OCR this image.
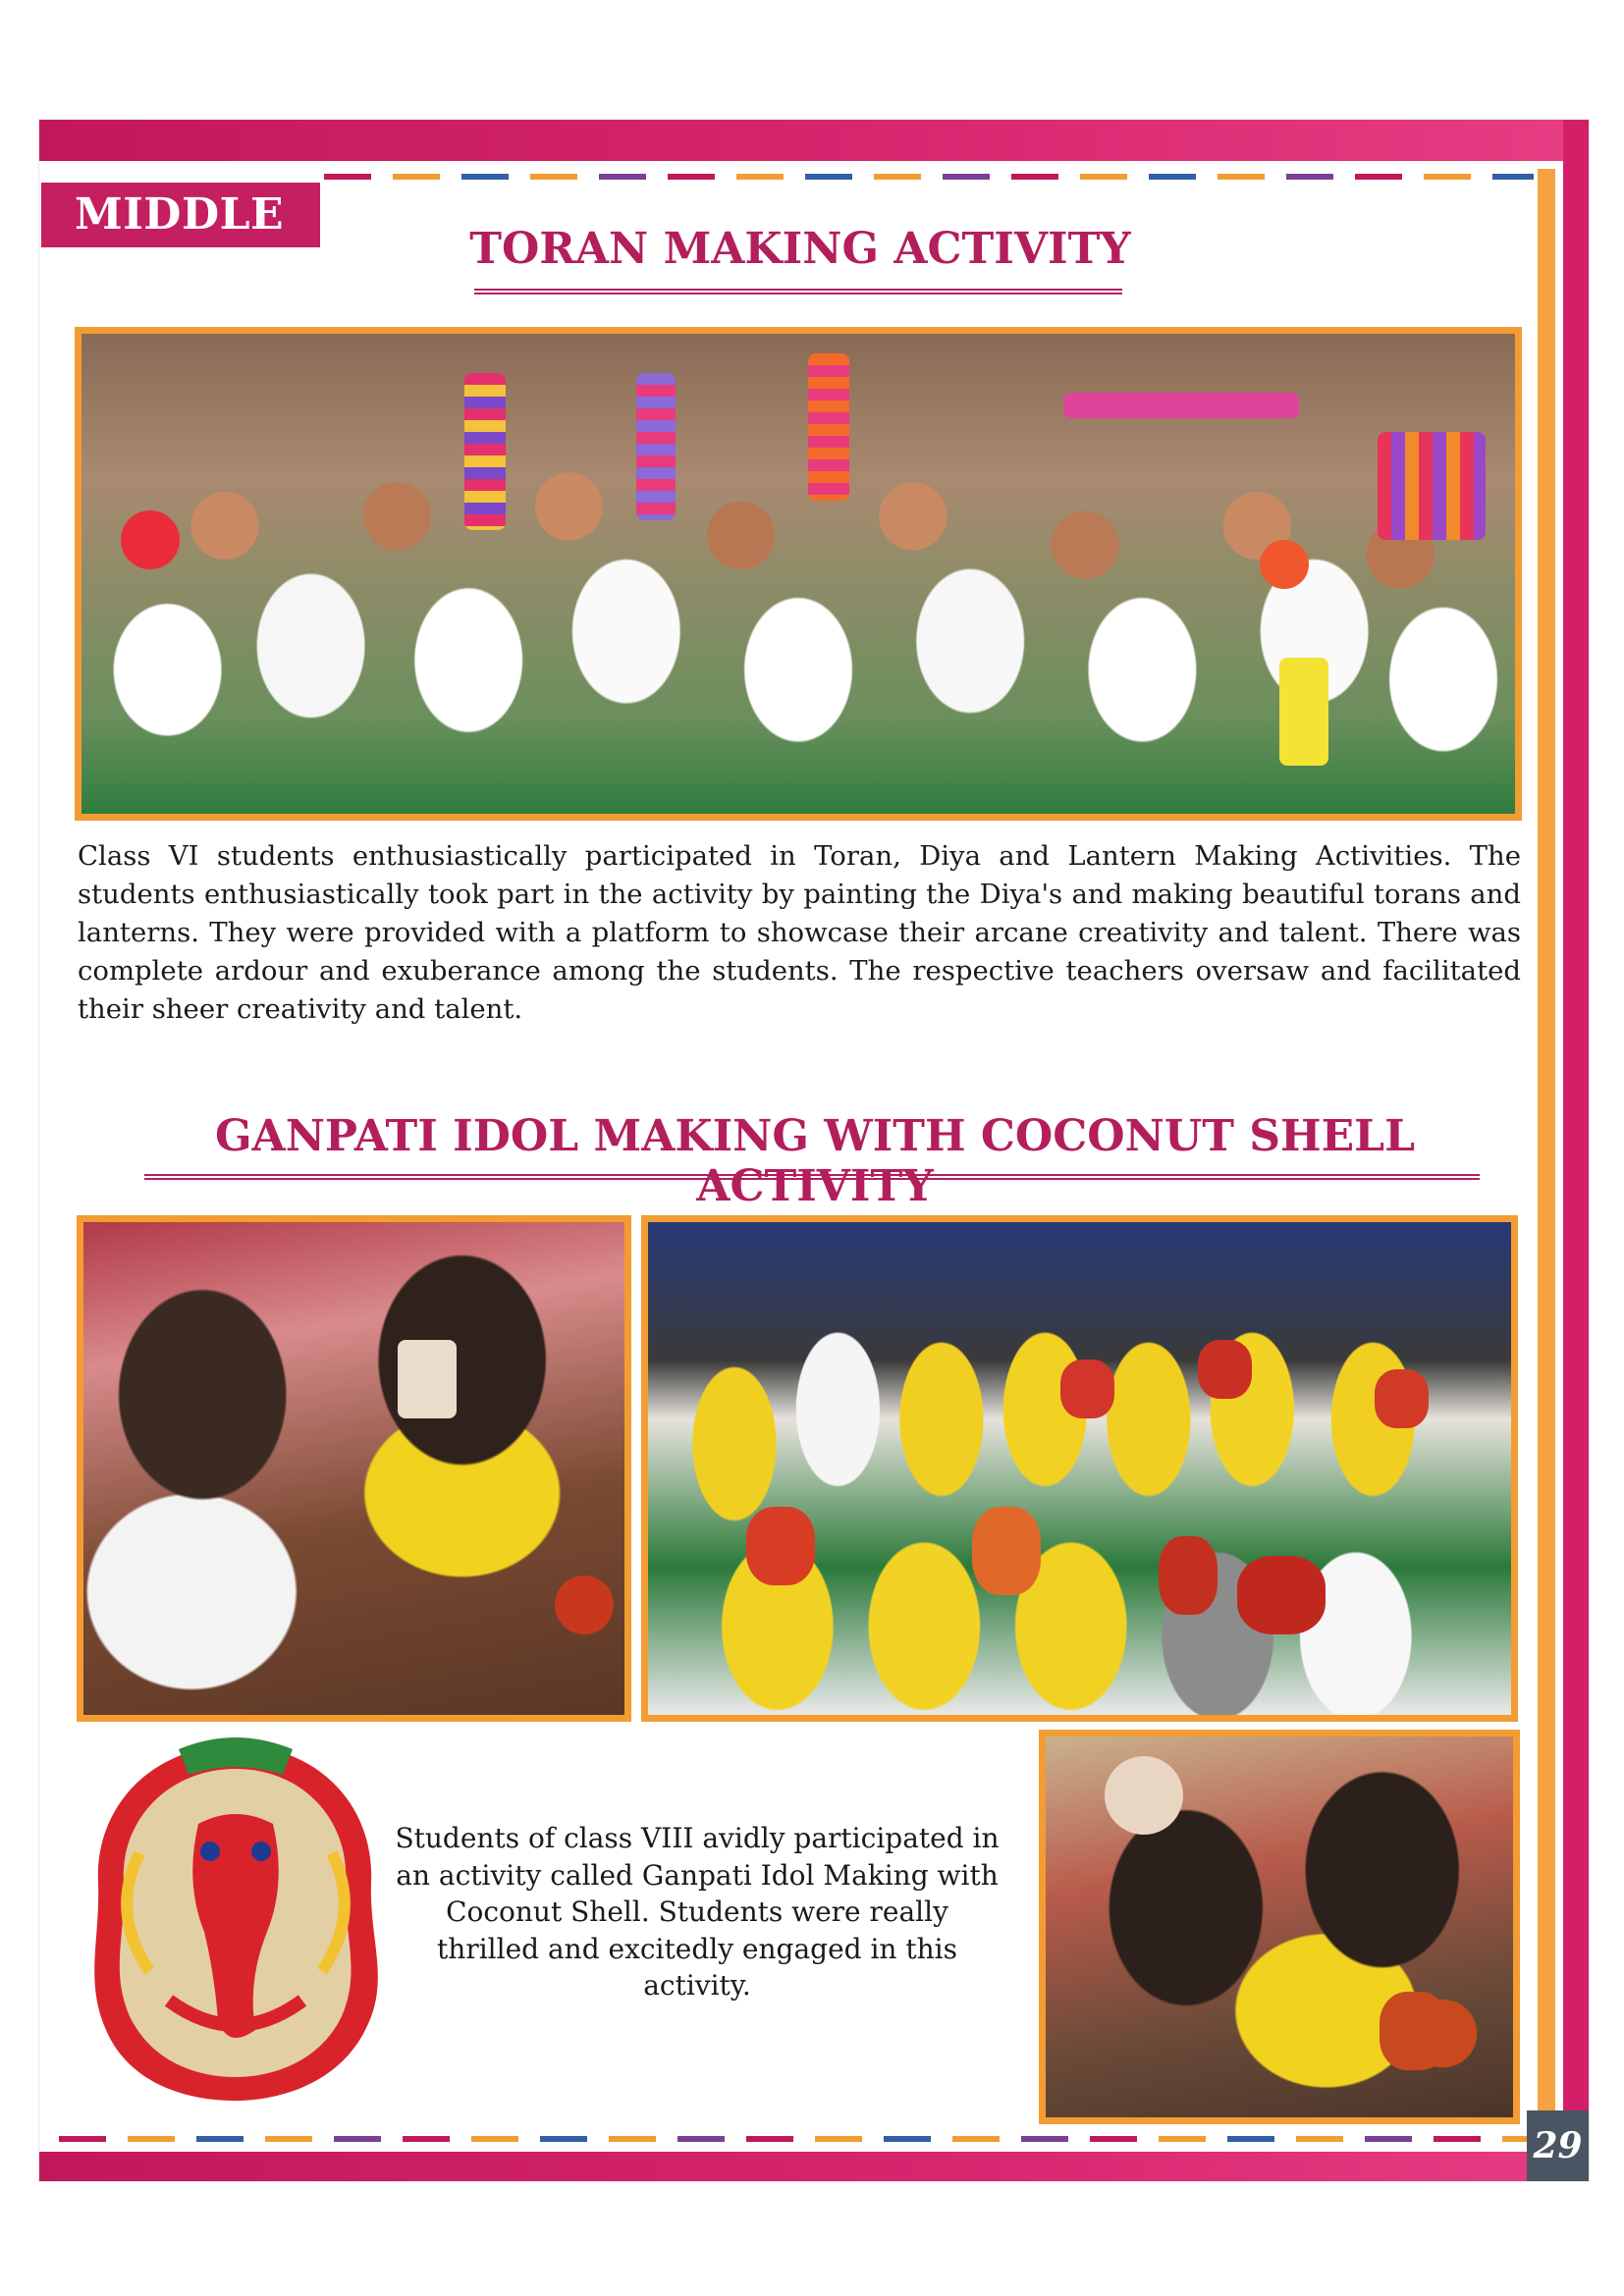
MIDDLE
TORAN MAKING ACTIVITY

Class VI students enthusiastically participated in Toran, Diya and Lantern Making Activities. The students enthusiastically took part in the activity by painting the Diya's and making beautiful torans and lanterns. They were provided with a platform to showcase their arcane creativity and talent. There was complete ardour and exuberance among the students. The respective teachers oversaw and facilitated their sheer creativity and talent.

GANPATI IDOL MAKING WITH COCONUT SHELL ACTIVITY

Students of class VIII avidly participated in an activity called Ganpati Idol Making with Coconut Shell. Students were really thrilled and excitedly engaged in this activity.

29
